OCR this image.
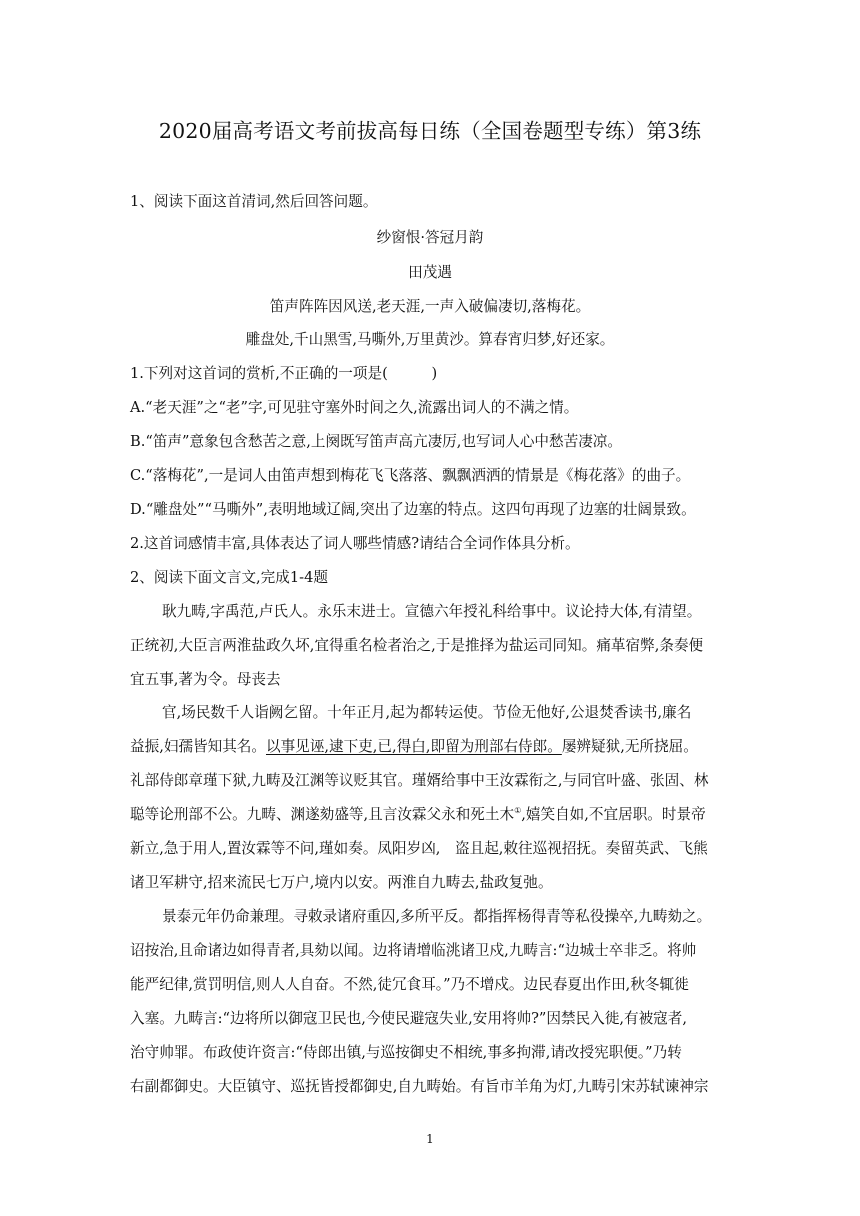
2020届高考语文考前拔高每日练（全国卷题型专练）第3练
1、阅读下面这首清词,然后回答问题。
纱窗恨·答冠月韵
田茂遇
笛声阵阵因风送,老天涯,一声入破偏凄切,落梅花。
雕盘处,千山黑雪,马嘶外,万里黄沙。算春宵归梦,好还家。
1.下列对这首词的赏析,不正确的一项是(　　　)
A.“老天涯”之“老”字,可见驻守塞外时间之久,流露出词人的不满之情。
B.“笛声”意象包含愁苦之意,上阕既写笛声高亢凄厉,也写词人心中愁苦凄凉。
C.“落梅花”,一是词人由笛声想到梅花飞飞落落、飘飘洒洒的情景是《梅花落》的曲子。
D.“雕盘处”“马嘶外”,表明地域辽阔,突出了边塞的特点。这四句再现了边塞的壮阔景致。
2.这首词感情丰富,具体表达了词人哪些情感?请结合全词作体具分析。
2、阅读下面文言文,完成1-4题
耿九畴,字禹范,卢氏人。永乐末进士。宣德六年授礼科给事中。议论持大体,有清望。
正统初,大臣言两淮盐政久坏,宜得重名检者治之,于是推择为盐运司同知。痛革宿弊,条奏便
宜五事,著为令。母丧去
官,场民数千人诣阙乞留。十年正月,起为都转运使。节俭无他好,公退焚香读书,廉名
益振,妇孺皆知其名。以事见诬,逮下吏,已,得白,即留为刑部右侍郎。屡辨疑狱,无所挠屈。
礼部侍郎章瑾下狱,九畴及江渊等议贬其官。瑾婿给事中王汝霖衔之,与同官叶盛、张固、林
聪等论刑部不公。九畴、渊遂劾盛等,且言汝霖父永和死土木①,嬉笑自如,不宜居职。时景帝
新立,急于用人,置汝霖等不问,瑾如奏。凤阳岁凶,　盗且起,敕往巡视招抚。奏留英武、飞熊
诸卫军耕守,招来流民七万户,境内以安。两淮自九畴去,盐政复弛。
景泰元年仍命兼理。寻敕录诸府重囚,多所平反。都指挥杨得青等私役操卒,九畴劾之。
诏按治,且命诸边如得青者,具劾以闻。边将请增临洮诸卫戍,九畴言:“边城士卒非乏。将帅
能严纪律,赏罚明信,则人人自奋。不然,徒冗食耳。”乃不增戍。边民春夏出作田,秋冬辄徙
入塞。九畴言:“边将所以御寇卫民也,今使民避寇失业,安用将帅?”因禁民入徙,有被寇者,
治守帅罪。布政使许资言:“侍郎出镇,与巡按御史不相统,事多拘滞,请改授宪职便。”乃转
右副都御史。大臣镇守、巡抚皆授都御史,自九畴始。有旨市羊角为灯,九畴引宋苏轼谏神宗
1
